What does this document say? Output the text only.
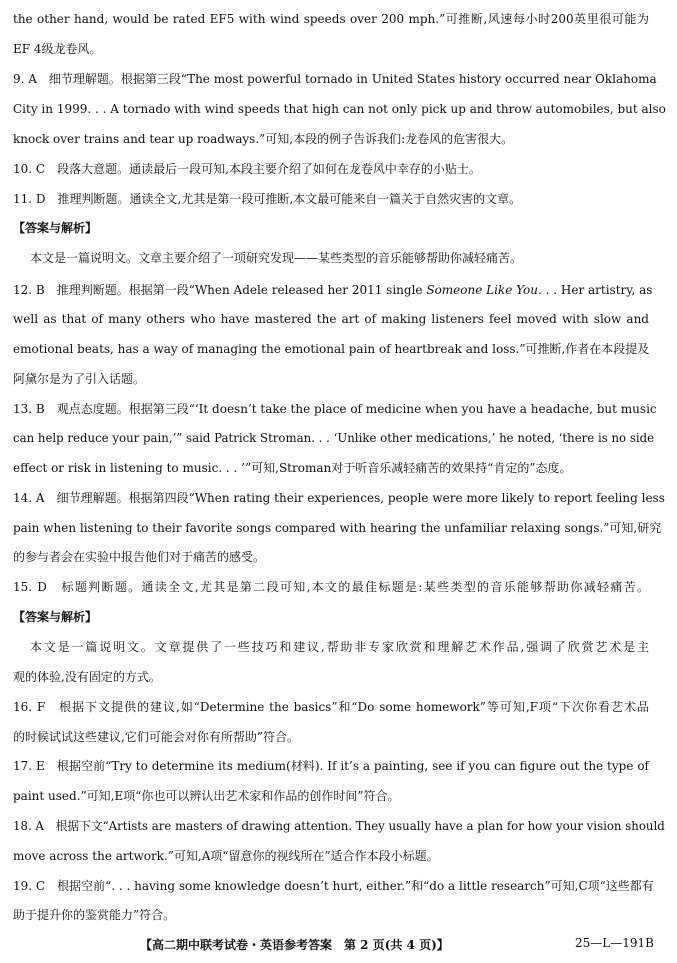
the other hand, would be rated EF5 with wind speeds over 200 mph.”可推断,风速每小时200英里很可能为
EF 4级龙卷风。
9. A　细节理解题。根据第三段“The most powerful tornado in United States history occurred near Oklahoma
City in 1999. . . A tornado with wind speeds that high can not only pick up and throw automobiles, but also
knock over trains and tear up roadways.”可知,本段的例子告诉我们:龙卷风的危害很大。
10. C　段落大意题。通读最后一段可知,本段主要介绍了如何在龙卷风中幸存的小贴士。
11. D　推理判断题。通读全文,尤其是第一段可推断,本文最可能来自一篇关于自然灾害的文章。
【答案与解析】
本文是一篇说明文。文章主要介绍了一项研究发现——某些类型的音乐能够帮助你减轻痛苦。
12. B　推理判断题。根据第一段“When Adele released her 2011 single Someone Like You. . . Her artistry, as
well as that of many others who have mastered the art of making listeners feel moved with slow and
emotional beats, has a way of managing the emotional pain of heartbreak and loss.”可推断,作者在本段提及
阿黛尔是为了引入话题。
13. B　观点态度题。根据第三段“‘It doesn’t take the place of medicine when you have a headache, but music
can help reduce your pain,’” said Patrick Stroman. . . ‘Unlike other medications,’ he noted, ‘there is no side
effect or risk in listening to music. . . ’”可知,Stroman对于听音乐减轻痛苦的效果持“肯定的”态度。
14. A　细节理解题。根据第四段“When rating their experiences, people were more likely to report feeling less
pain when listening to their favorite songs compared with hearing the unfamiliar relaxing songs.”可知,研究
的参与者会在实验中报告他们对于痛苦的感受。
15. D　标题判断题。通读全文,尤其是第二段可知,本文的最佳标题是:某些类型的音乐能够帮助你减轻痛苦。
【答案与解析】
本文是一篇说明文。文章提供了一些技巧和建议,帮助非专家欣赏和理解艺术作品,强调了欣赏艺术是主
观的体验,没有固定的方式。
16. F　根据下文提供的建议,如“Determine the basics”和“Do some homework”等可知,F项“下次你看艺术品
的时候试试这些建议,它们可能会对你有所帮助”符合。
17. E　根据空前“Try to determine its medium(材料). If it’s a painting, see if you can figure out the type of
paint used.”可知,E项“你也可以辨认出艺术家和作品的创作时间”符合。
18. A　根据下文“Artists are masters of drawing attention. They usually have a plan for how your vision should
move across the artwork.”可知,A项“留意你的视线所在”适合作本段小标题。
19. C　根据空前“. . . having some knowledge doesn’t hurt, either.”和“do a little research”可知,C项“这些都有
助于提升你的鉴赏能力”符合。
【高二期中联考试卷・英语参考答案　第 2 页(共 4 页)】	25—L—191B
